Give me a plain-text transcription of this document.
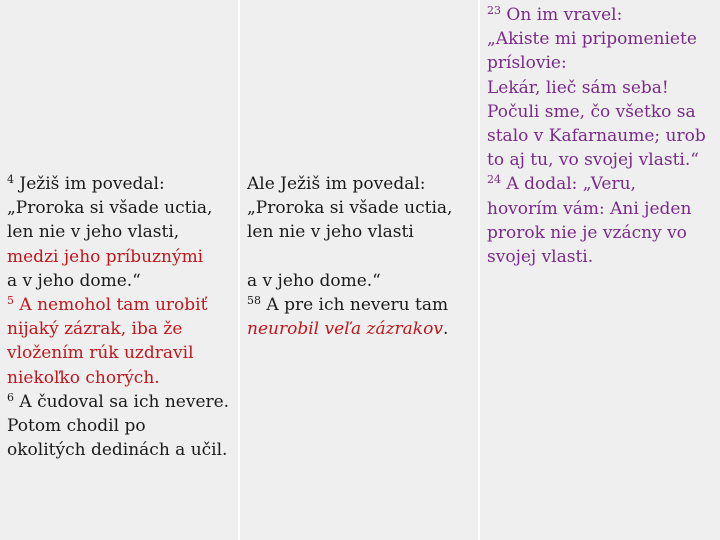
$^4$ Ježiš im povedal:
„Proroka si všade uctia,
len nie v jeho vlasti,
medzi jeho príbuznými
a v jeho dome.“
$^5$ A nemohol tam urobiť
nijaký zázrak, iba že
vložením rúk uzdravil
niekoľko chorých.
$^6$ A čudoval sa ich nevere.
Potom chodil po
okolitých dedinách a učil.
Ale Ježiš im povedal:
„Proroka si všade uctia,
len nie v jeho vlasti
a v jeho dome.“
$^{58}$ A pre ich neveru tam
neurobil veľa zázrakov.
$^{23}$ On im vravel:
„Akiste mi pripomeniete
príslovie:
Lekár, lieč sám seba!
Počuli sme, čo všetko sa
stalo v Kafarnaume; urob
to aj tu, vo svojej vlasti.“
$^{24}$ A dodal: „Veru,
hovorím vám: Ani jeden
prorok nie je vzácny vo
svojej vlasti.
